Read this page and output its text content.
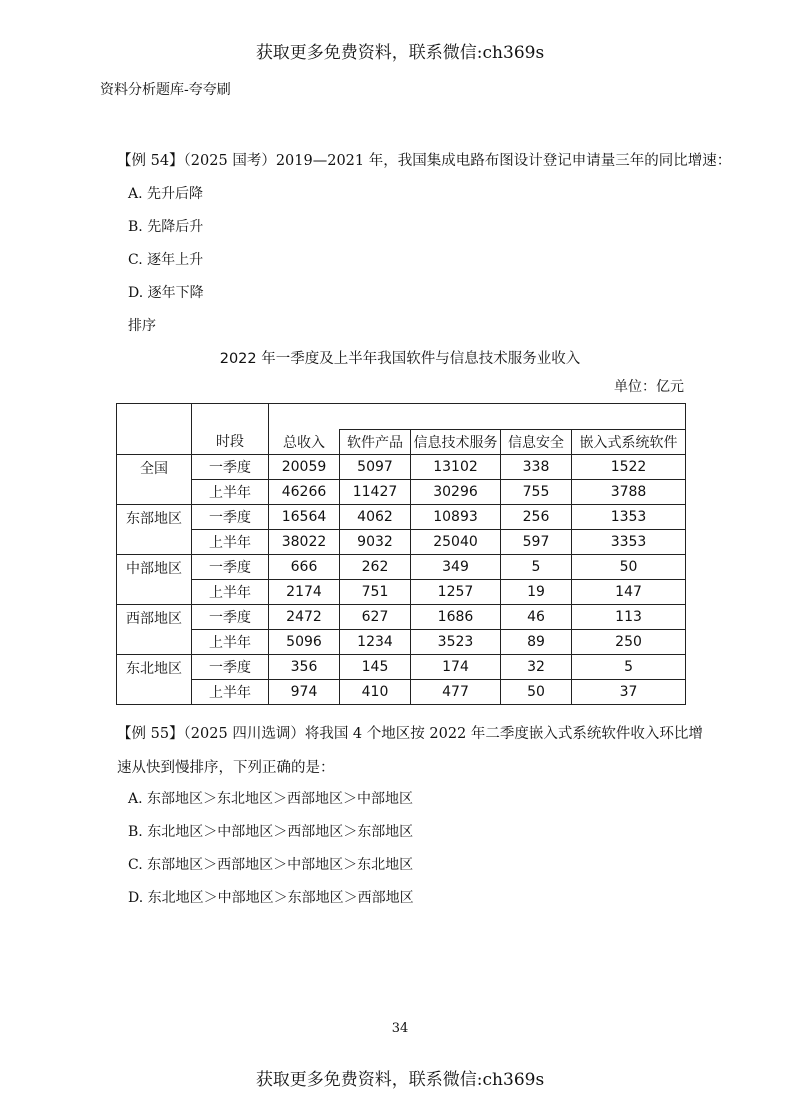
获取更多免费资料，联系微信:ch369s
资料分析题库-夸夸刷
【例 54】（2025 国考）2019—2021 年，我国集成电路布图设计登记申请量三年的同比增速：
A. 先升后降
B. 先降后升
C. 逐年上升
D. 逐年下降
排序
2022 年一季度及上半年我国软件与信息技术服务业收入
单位：亿元
	时段					
		总收入	软件产品	信息技术服务	信息安全	嵌入式系统软件
全国	一季度	20059	5097	13102	338	1522
	上半年	46266	11427	30296	755	3788
东部地区	一季度	16564	4062	10893	256	1353
	上半年	38022	9032	25040	597	3353
中部地区	一季度	666	262	349	5	50
	上半年	2174	751	1257	19	147
西部地区	一季度	2472	627	1686	46	113
	上半年	5096	1234	3523	89	250
东北地区	一季度	356	145	174	32	5
	上半年	974	410	477	50	37
【例 55】（2025 四川选调）将我国 4 个地区按 2022 年二季度嵌入式系统软件收入环比增
速从快到慢排序，下列正确的是：
A. 东部地区＞东北地区＞西部地区＞中部地区
B. 东北地区＞中部地区＞西部地区＞东部地区
C. 东部地区＞西部地区＞中部地区＞东北地区
D. 东北地区＞中部地区＞东部地区＞西部地区
34
获取更多免费资料，联系微信:ch369s
